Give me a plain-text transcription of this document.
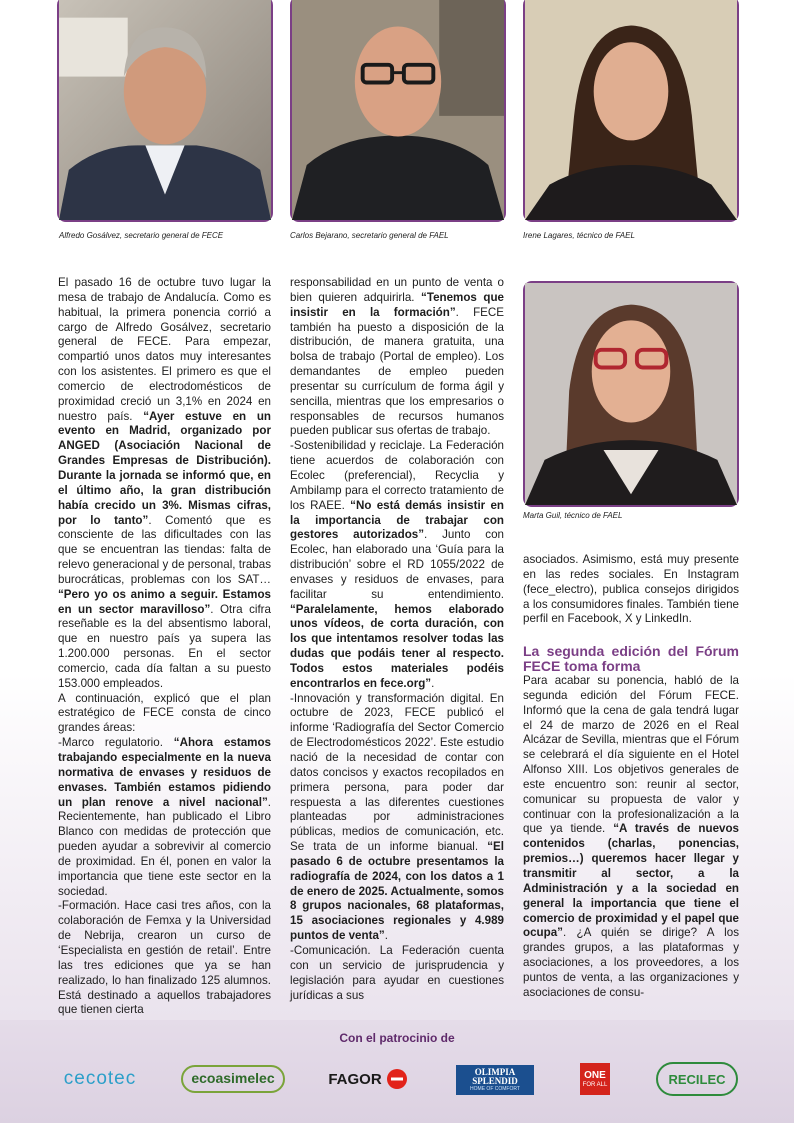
Alfredo Gosálvez, secretario general de FECE	Carlos Bejarano, secretario general de FAEL	Irene Lagares, técnico de FAEL
Marta Guil, técnico de FAEL

El pasado 16 de octubre tuvo lugar la mesa de trabajo de Andalucía. Como es habitual, la primera ponencia corrió a cargo de Alfredo Gosálvez, secretario general de FECE. Para empezar, compartió unos datos muy interesantes con los asistentes. El primero es que el comercio de electrodomésticos de proximidad creció un 3,1% en 2024 en nuestro país. “Ayer estuve en un evento en Madrid, organizado por ANGED (Asociación Nacional de Grandes Empresas de Distribución). Durante la jornada se informó que, en el último año, la gran distribución había crecido un 3%. Mismas cifras, por lo tanto”. Comentó que es consciente de las dificultades con las que se encuentran las tiendas: falta de relevo generacional y de personal, trabas burocráticas, problemas con los SAT… “Pero yo os animo a seguir. Estamos en un sector maravilloso”. Otra cifra reseñable es la del absentismo laboral, que en nuestro país ya supera las 1.200.000 personas. En el sector comercio, cada día faltan a su puesto 153.000 empleados.
A continuación, explicó que el plan estratégico de FECE consta de cinco grandes áreas:
-Marco regulatorio. “Ahora estamos trabajando especialmente en la nueva normativa de envases y residuos de envases. También estamos pidiendo un plan renove a nivel nacional”. Recientemente, han publicado el Libro Blanco con medidas de protección que pueden ayudar a sobrevivir al comercio de proximidad. En él, ponen en valor la importancia que tiene este sector en la sociedad.
-Formación. Hace casi tres años, con la colaboración de Femxa y la Universidad de Nebrija, crearon un curso de ‘Especialista en gestión de retail’. Entre las tres ediciones que ya se han realizado, lo han finalizado 125 alumnos. Está destinado a aquellos trabajadores que tienen cierta

responsabilidad en un punto de venta o bien quieren adquirirla. “Tenemos que insistir en la formación”. FECE también ha puesto a disposición de la distribución, de manera gratuita, una bolsa de trabajo (Portal de empleo). Los demandantes de empleo pueden presentar su currículum de forma ágil y sencilla, mientras que los empresarios o responsables de recursos humanos pueden publicar sus ofertas de trabajo.
-Sostenibilidad y reciclaje. La Federación tiene acuerdos de colaboración con Ecolec (preferencial), Recyclia y Ambilamp para el correcto tratamiento de los RAEE. “No está demás insistir en la importancia de trabajar con gestores autorizados”. Junto con Ecolec, han elaborado una ‘Guía para la distribución’ sobre el RD 1055/2022 de envases y residuos de envases, para facilitar su entendimiento. “Paralelamente, hemos elaborado unos vídeos, de corta duración, con los que intentamos resolver todas las dudas que podáis tener al respecto. Todos estos materiales podéis encontrarlos en fece.org”.
-Innovación y transformación digital. En octubre de 2023, FECE publicó el informe ‘Radiografía del Sector Comercio de Electrodomésticos 2022’. Este estudio nació de la necesidad de contar con datos concisos y exactos recopilados en primera persona, para poder dar respuesta a las diferentes cuestiones planteadas por administraciones públicas, medios de comunicación, etc. Se trata de un informe bianual. “El pasado 6 de octubre presentamos la radiografía de 2024, con los datos a 1 de enero de 2025. Actualmente, somos 8 grupos nacionales, 68 plataformas, 15 asociaciones regionales y 4.989 puntos de venta”.
-Comunicación. La Federación cuenta con un servicio de jurisprudencia y legislación para ayudar en cuestiones jurídicas a sus

asociados. Asimismo, está muy presente en las redes sociales. En Instagram (fece_electro), publica consejos dirigidos a los consumidores finales. También tiene perfil en Facebook, X y LinkedIn.

La segunda edición del Fórum FECE toma forma

Para acabar su ponencia, habló de la segunda edición del Fórum FECE. Informó que la cena de gala tendrá lugar el 24 de marzo de 2026 en el Real Alcázar de Sevilla, mientras que el Fórum se celebrará el día siguiente en el Hotel Alfonso XIII. Los objetivos generales de este encuentro son: reunir al sector, comunicar su propuesta de valor y continuar con la profesionalización a la que ya tiende. “A través de nuevos contenidos (charlas, ponencias, premios…) queremos hacer llegar y transmitir al sector, a la Administración y a la sociedad en general la importancia que tiene el comercio de proximidad y el papel que ocupa”. ¿A quién se dirige? A los grandes grupos, a las plataformas y asociaciones, a los proveedores, a los puntos de venta, a las organizaciones y asociaciones de consu-

Con el patrocinio de
cecotec	ecoasimelec	FAGOR	OLIMPIA
SPLENDID
HOME OF COMFORT
ONE
FOR ALL	RECILEC
